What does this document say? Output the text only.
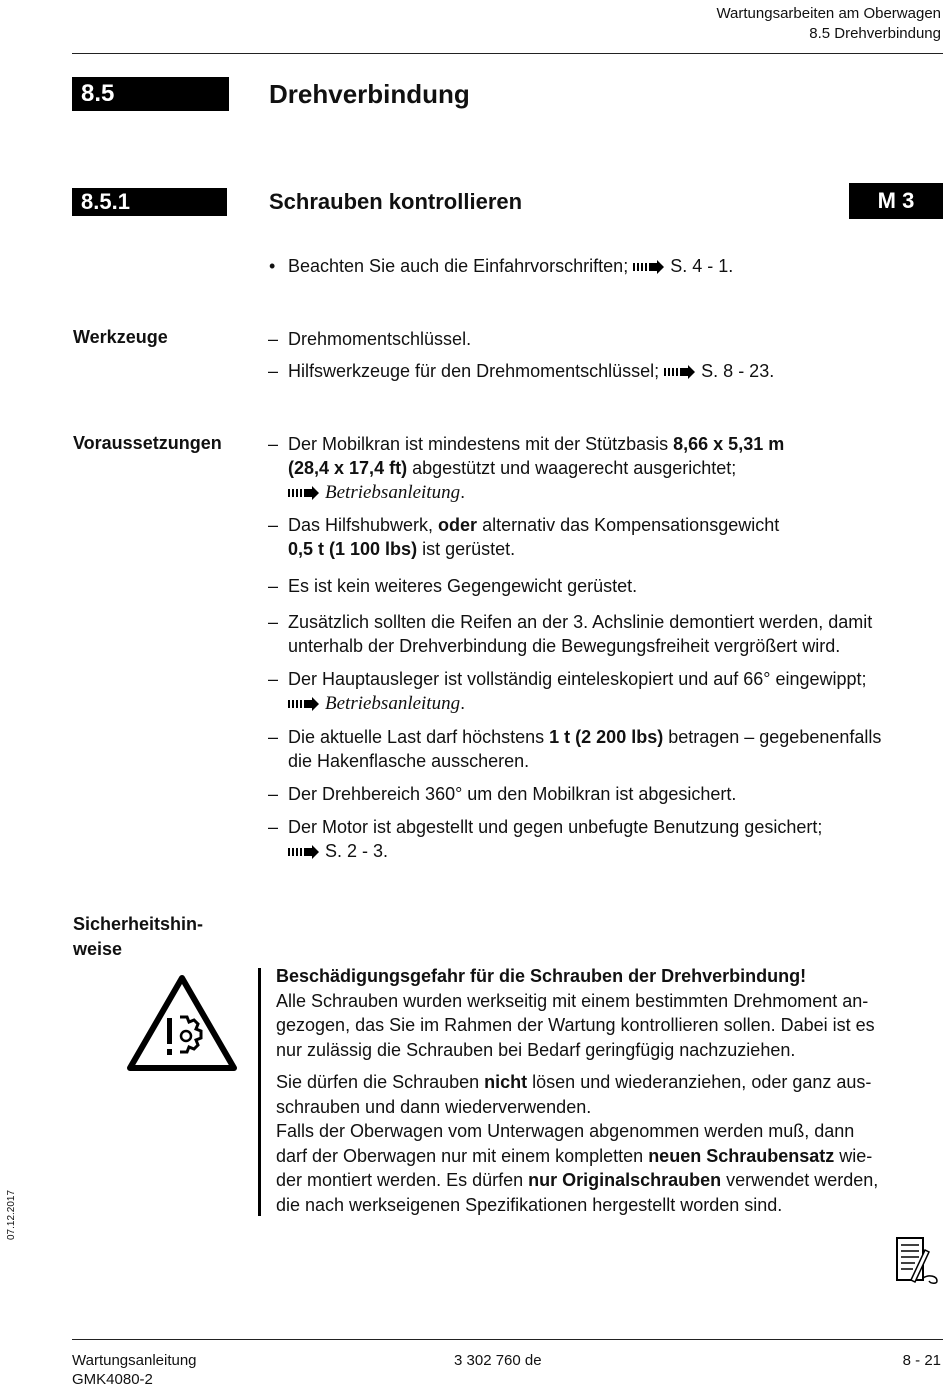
Wartungsarbeiten am Oberwagen
8.5 Drehverbindung
8.5	Drehverbindung
8.5.1	Schrauben kontrollieren	M 3
• Beachten Sie auch die Einfahrvorschriften; S. 4 - 1.
Werkzeuge	– Drehmomentschlüssel.
– Hilfswerkzeuge für den Drehmomentschlüssel; S. 8 - 23.
Voraussetzungen	– Der Mobilkran ist mindestens mit der Stützbasis 8,66 x 5,31 m
(28,4 x 17,4 ft) abgestützt und waagerecht ausgerichtet;
Betriebsanleitung.
– Das Hilfshubwerk, oder alternativ das Kompensationsgewicht
0,5 t (1 100 lbs) ist gerüstet.
– Es ist kein weiteres Gegengewicht gerüstet.
– Zusätzlich sollten die Reifen an der 3. Achslinie demontiert werden, damit
unterhalb der Drehverbindung die Bewegungsfreiheit vergrößert wird.
– Der Hauptausleger ist vollständig einteleskopiert und auf 66° eingewippt;
Betriebsanleitung.
– Die aktuelle Last darf höchstens 1 t (2 200 lbs) betragen – gegebenenfalls
die Hakenflasche ausscheren.
– Der Drehbereich 360° um den Mobilkran ist abgesichert.
– Der Motor ist abgestellt und gegen unbefugte Benutzung gesichert;
S. 2 - 3.
Sicherheitshin-
weise
Beschädigungsgefahr für die Schrauben der Drehverbindung!
Alle Schrauben wurden werkseitig mit einem bestimmten Drehmoment an-
gezogen, das Sie im Rahmen der Wartung kontrollieren sollen. Dabei ist es
nur zulässig die Schrauben bei Bedarf geringfügig nachzuziehen.
Sie dürfen die Schrauben nicht lösen und wiederanziehen, oder ganz aus-
schrauben und dann wiederverwenden.
Falls der Oberwagen vom Unterwagen abgenommen werden muß, dann
darf der Oberwagen nur mit einem kompletten neuen Schraubensatz wie-
der montiert werden. Es dürfen nur Originalschrauben verwendet werden,
die nach werkseigenen Spezifikationen hergestellt worden sind.
07.12.2017
Wartungsanleitung
GMK4080-2
3 302 760 de	8 - 21
